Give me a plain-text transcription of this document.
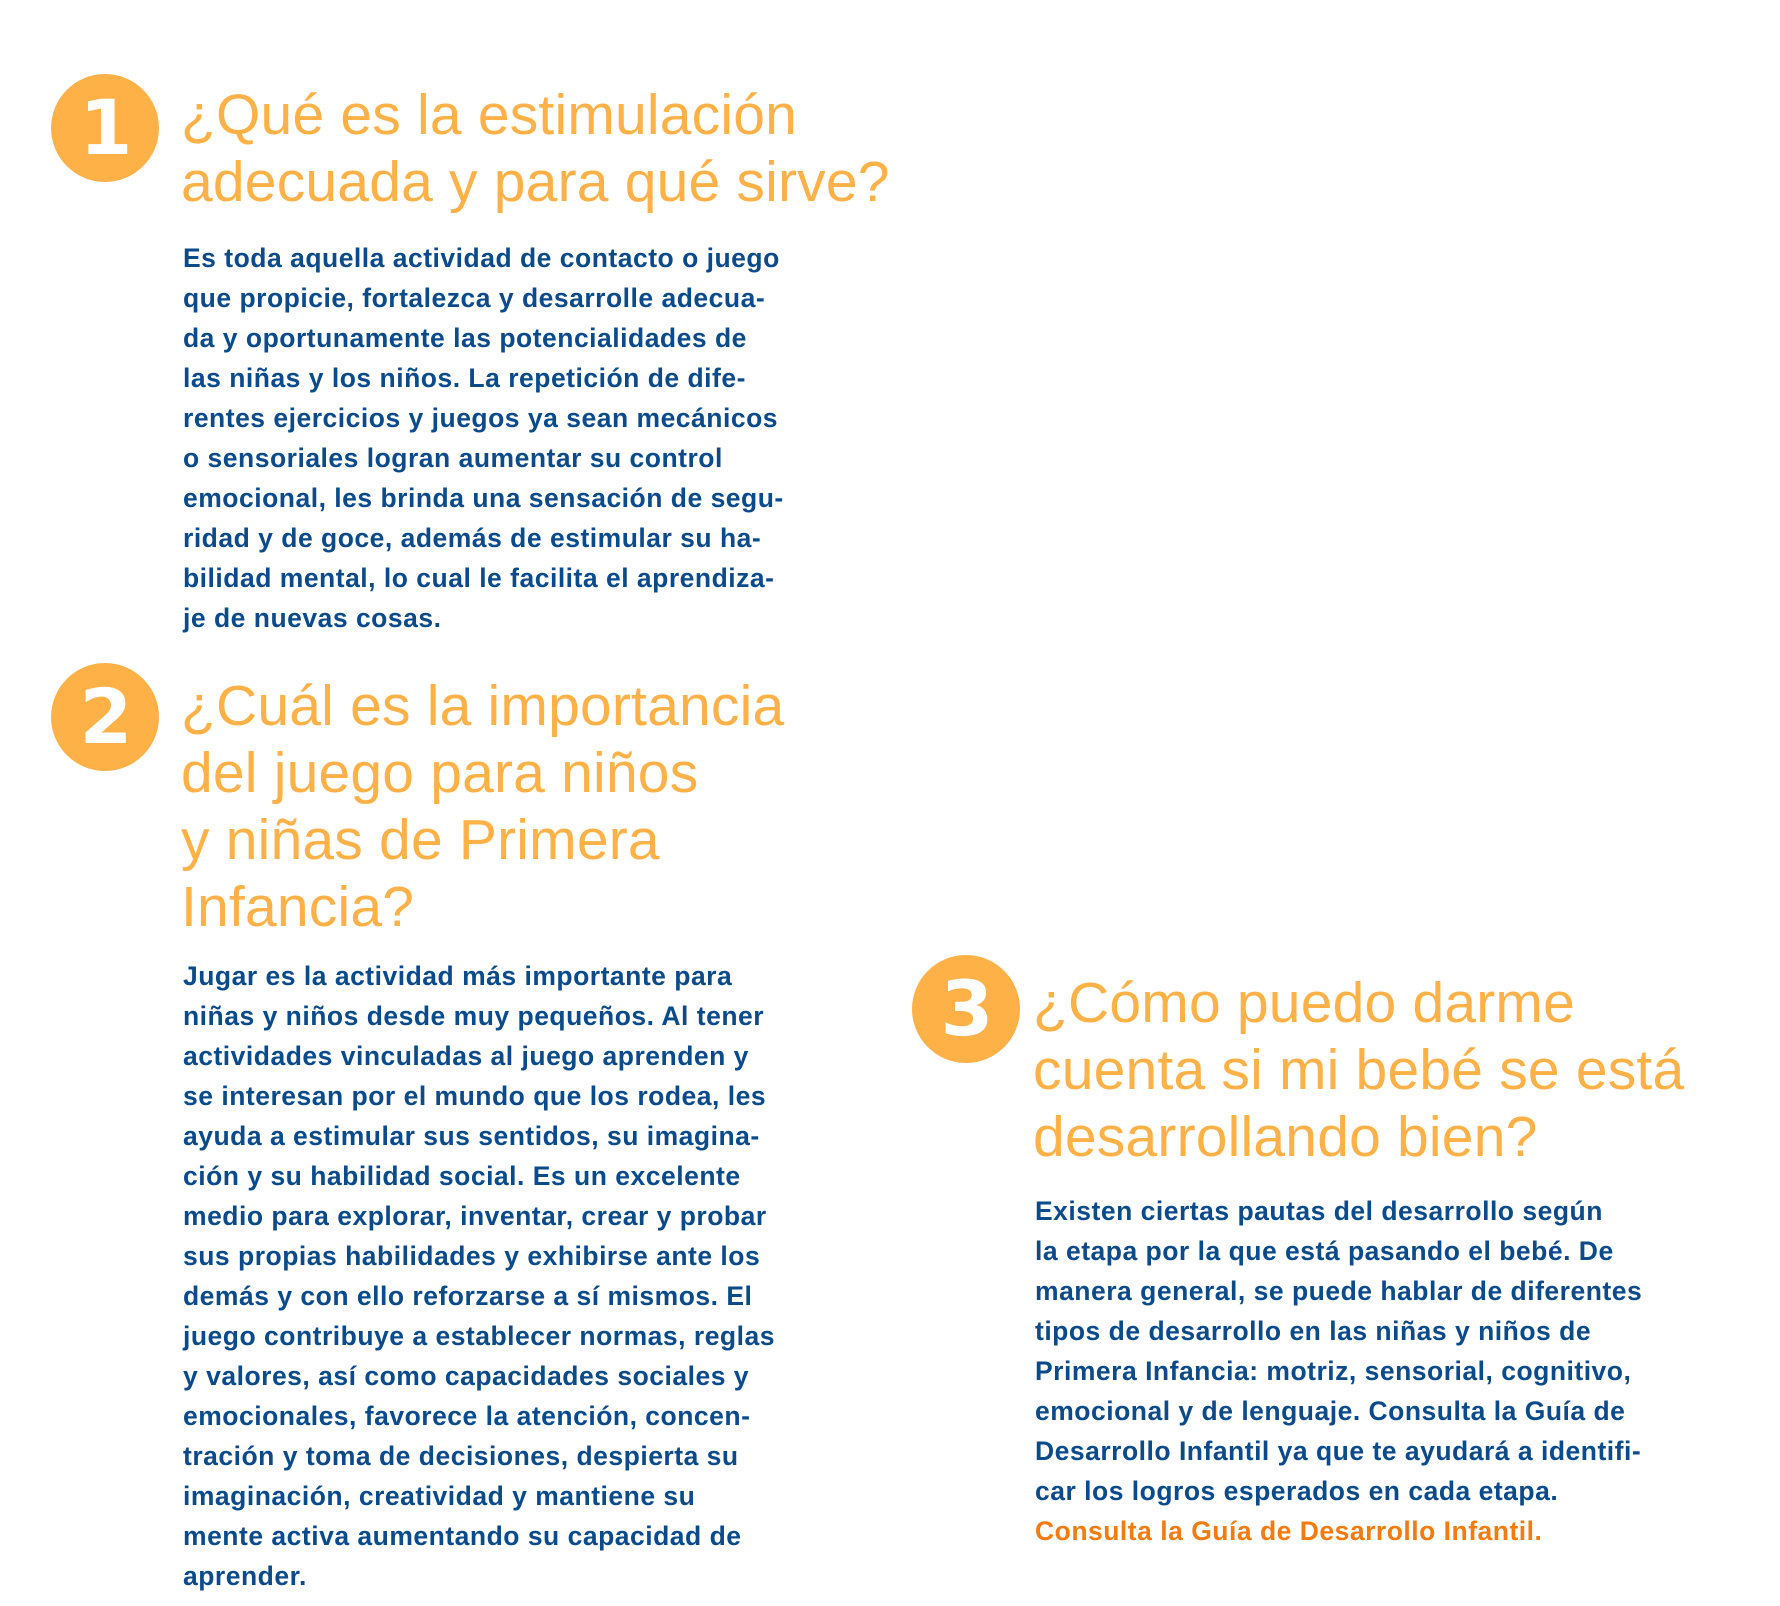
1 ¿Qué es la estimulación
adecuada y para qué sirve?

Es toda aquella actividad de contacto o juego
que propicie, fortalezca y desarrolle adecua-
da y oportunamente las potencialidades de
las niñas y los niños. La repetición de dife-
rentes ejercicios y juegos ya sean mecánicos
o sensoriales logran aumentar su control
emocional, les brinda una sensación de segu-
ridad y de goce, además de estimular su ha-
bilidad mental, lo cual le facilita el aprendiza-
je de nuevas cosas.

2 ¿Cuál es la importancia
del juego para niños
y niñas de Primera
Infancia?

Jugar es la actividad más importante para
niñas y niños desde muy pequeños. Al tener
actividades vinculadas al juego aprenden y
se interesan por el mundo que los rodea, les
ayuda a estimular sus sentidos, su imagina-
ción y su habilidad social. Es un excelente
medio para explorar, inventar, crear y probar
sus propias habilidades y exhibirse ante los
demás y con ello reforzarse a sí mismos. El
juego contribuye a establecer normas, reglas
y valores, así como capacidades sociales y
emocionales, favorece la atención, concen-
tración y toma de decisiones, despierta su
imaginación, creatividad y mantiene su
mente activa aumentando su capacidad de
aprender.

3 ¿Cómo puedo darme
cuenta si mi bebé se está
desarrollando bien?

Existen ciertas pautas del desarrollo según
la etapa por la que está pasando el bebé. De
manera general, se puede hablar de diferentes
tipos de desarrollo en las niñas y niños de
Primera Infancia: motriz, sensorial, cognitivo,
emocional y de lenguaje. Consulta la Guía de
Desarrollo Infantil ya que te ayudará a identifi-
car los logros esperados en cada etapa.
Consulta la Guía de Desarrollo Infantil.
